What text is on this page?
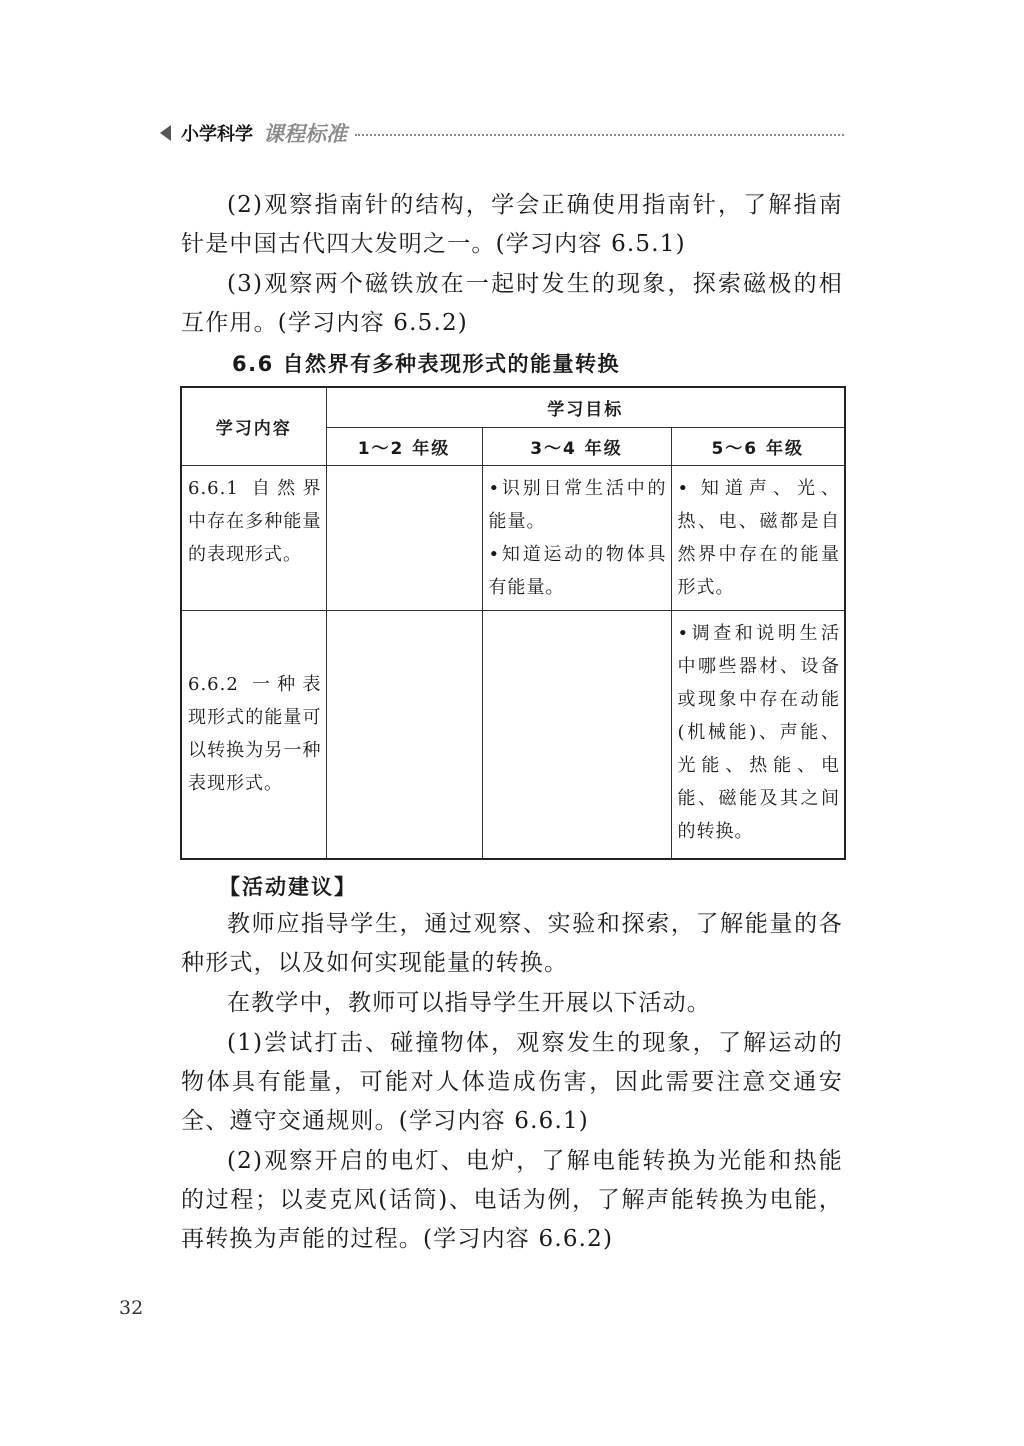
小学科学 课程标准

(2)观察指南针的结构，学会正确使用指南针，了解指南针是中国古代四大发明之一。(学习内容 6.5.1)

(3)观察两个磁铁放在一起时发生的现象，探索磁极的相互作用。(学习内容 6.5.2)

6.6 自然界有多种表现形式的能量转换
学习内容	学习目标		
	1～2 年级	3～4 年级	5～6 年级

6.6.1 自然界中存在多种能量的表现形式。		•识别日常生活中的能量。
•知道运动的物体具有能量。	• 知道声、光、热、电、磁都是自然界中存在的能量形式。

6.6.2 一种表现形式的能量可以转换为另一种表现形式。			•调查和说明生活中哪些器材、设备或现象中存在动能(机械能)、声能、光能、热能、电能、磁能及其之间的转换。
【活动建议】

教师应指导学生，通过观察、实验和探索，了解能量的各种形式，以及如何实现能量的转换。

在教学中，教师可以指导学生开展以下活动。

(1)尝试打击、碰撞物体，观察发生的现象，了解运动的物体具有能量，可能对人体造成伤害，因此需要注意交通安全、遵守交通规则。(学习内容 6.6.1)

(2)观察开启的电灯、电炉，了解电能转换为光能和热能的过程；以麦克风(话筒)、电话为例，了解声能转换为电能，再转换为声能的过程。(学习内容 6.6.2)

32
